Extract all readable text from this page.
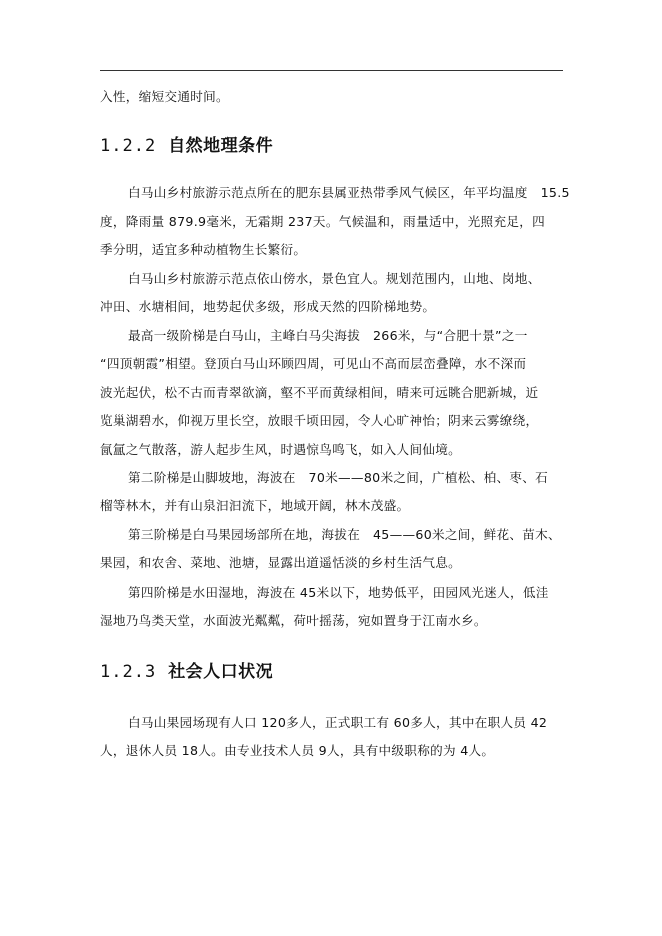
入性，缩短交通时间。
1.2.2 自然地理条件
白马山乡村旅游示范点所在的肥东县属亚热带季风气候区，年平均温度　15.5
度，降雨量 879.9毫米，无霜期 237天。气候温和，雨量适中，光照充足，四
季分明，适宜多种动植物生长繁衍。
白马山乡村旅游示范点依山傍水，景色宜人。规划范围内，山地、岗地、
冲田、水塘相间，地势起伏多级，形成天然的四阶梯地势。
最高一级阶梯是白马山，主峰白马尖海拔　266米，与“合肥十景”之一
“四顶朝霞”相望。登顶白马山环顾四周，可见山不高而层峦叠障，水不深而
波光起伏，松不古而青翠欲滴，壑不平而黄绿相间，晴来可远眺合肥新城，近
览巢湖碧水，仰视万里长空，放眼千顷田园，令人心旷神怡；阴来云雾缭绕，
氤氲之气散落，游人起步生风，时遇惊鸟鸣飞，如入人间仙境。
第二阶梯是山脚坡地，海波在　70米——80米之间，广植松、柏、枣、石
榴等林木，并有山泉汩汩流下，地域开阔，林木茂盛。
第三阶梯是白马果园场部所在地，海拔在　45——60米之间，鲜花、苗木、
果园，和农舍、菜地、池塘，显露出道遥恬淡的乡村生活气息。
第四阶梯是水田湿地，海波在 45米以下，地势低平，田园风光迷人，低洼
湿地乃鸟类天堂，水面波光粼粼，荷叶摇荡，宛如置身于江南水乡。
1.2.3 社会人口状况
白马山果园场现有人口 120多人，正式职工有 60多人，其中在职人员 42
人，退休人员 18人。由专业技术人员 9人，具有中级职称的为 4人。
